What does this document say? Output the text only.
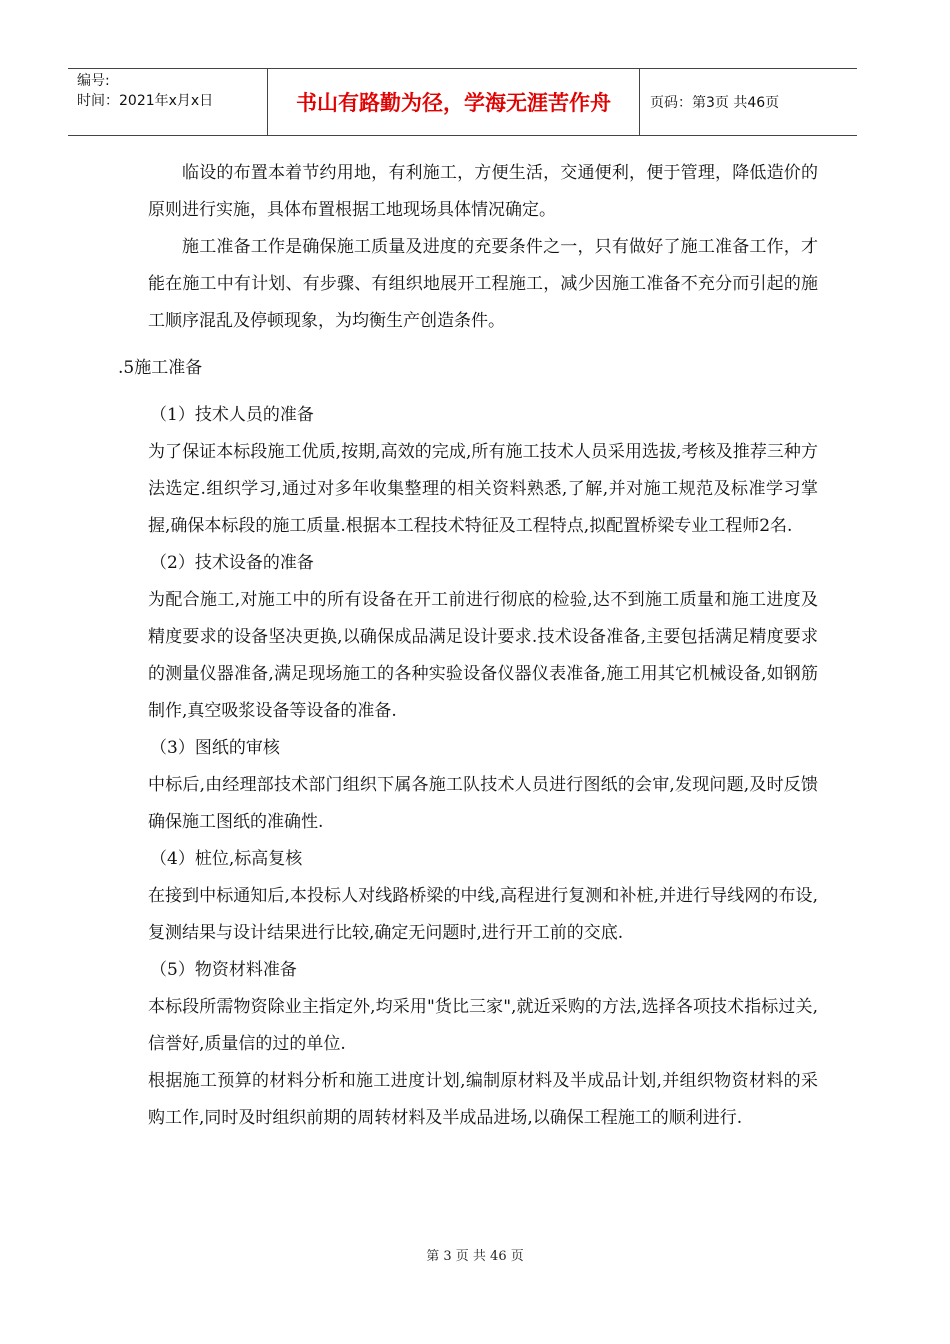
编号:
时间：2021年x月x日	书山有路勤为径，学海无涯苦作舟	页码：第3页 共46页

临设的布置本着节约用地，有利施工，方便生活，交通便利，便于管理，降低造价的原则进行实施，具体布置根据工地现场具体情况确定。

施工准备工作是确保施工质量及进度的充要条件之一，只有做好了施工准备工作，才能在施工中有计划、有步骤、有组织地展开工程施工，减少因施工准备不充分而引起的施工顺序混乱及停顿现象，为均衡生产创造条件。

.5施工准备

（1）技术人员的准备

为了保证本标段施工优质,按期,高效的完成,所有施工技术人员采用选拔,考核及推荐三种方法选定.组织学习,通过对多年收集整理的相关资料熟悉,了解,并对施工规范及标准学习掌握,确保本标段的施工质量.根据本工程技术特征及工程特点,拟配置桥梁专业工程师2名.

（2）技术设备的准备

为配合施工,对施工中的所有设备在开工前进行彻底的检验,达不到施工质量和施工进度及精度要求的设备坚决更换,以确保成品满足设计要求.技术设备准备,主要包括满足精度要求的测量仪器准备,满足现场施工的各种实验设备仪器仪表准备,施工用其它机械设备,如钢筋制作,真空吸浆设备等设备的准备.

（3）图纸的审核

中标后,由经理部技术部门组织下属各施工队技术人员进行图纸的会审,发现问题,及时反馈确保施工图纸的准确性.

（4）桩位,标高复核

在接到中标通知后,本投标人对线路桥梁的中线,高程进行复测和补桩,并进行导线网的布设,复测结果与设计结果进行比较,确定无问题时,进行开工前的交底.

（5）物资材料准备

本标段所需物资除业主指定外,均采用"货比三家",就近采购的方法,选择各项技术指标过关,信誉好,质量信的过的单位.

根据施工预算的材料分析和施工进度计划,编制原材料及半成品计划,并组织物资材料的采购工作,同时及时组织前期的周转材料及半成品进场,以确保工程施工的顺利进行.

第 3 页 共 46 页
